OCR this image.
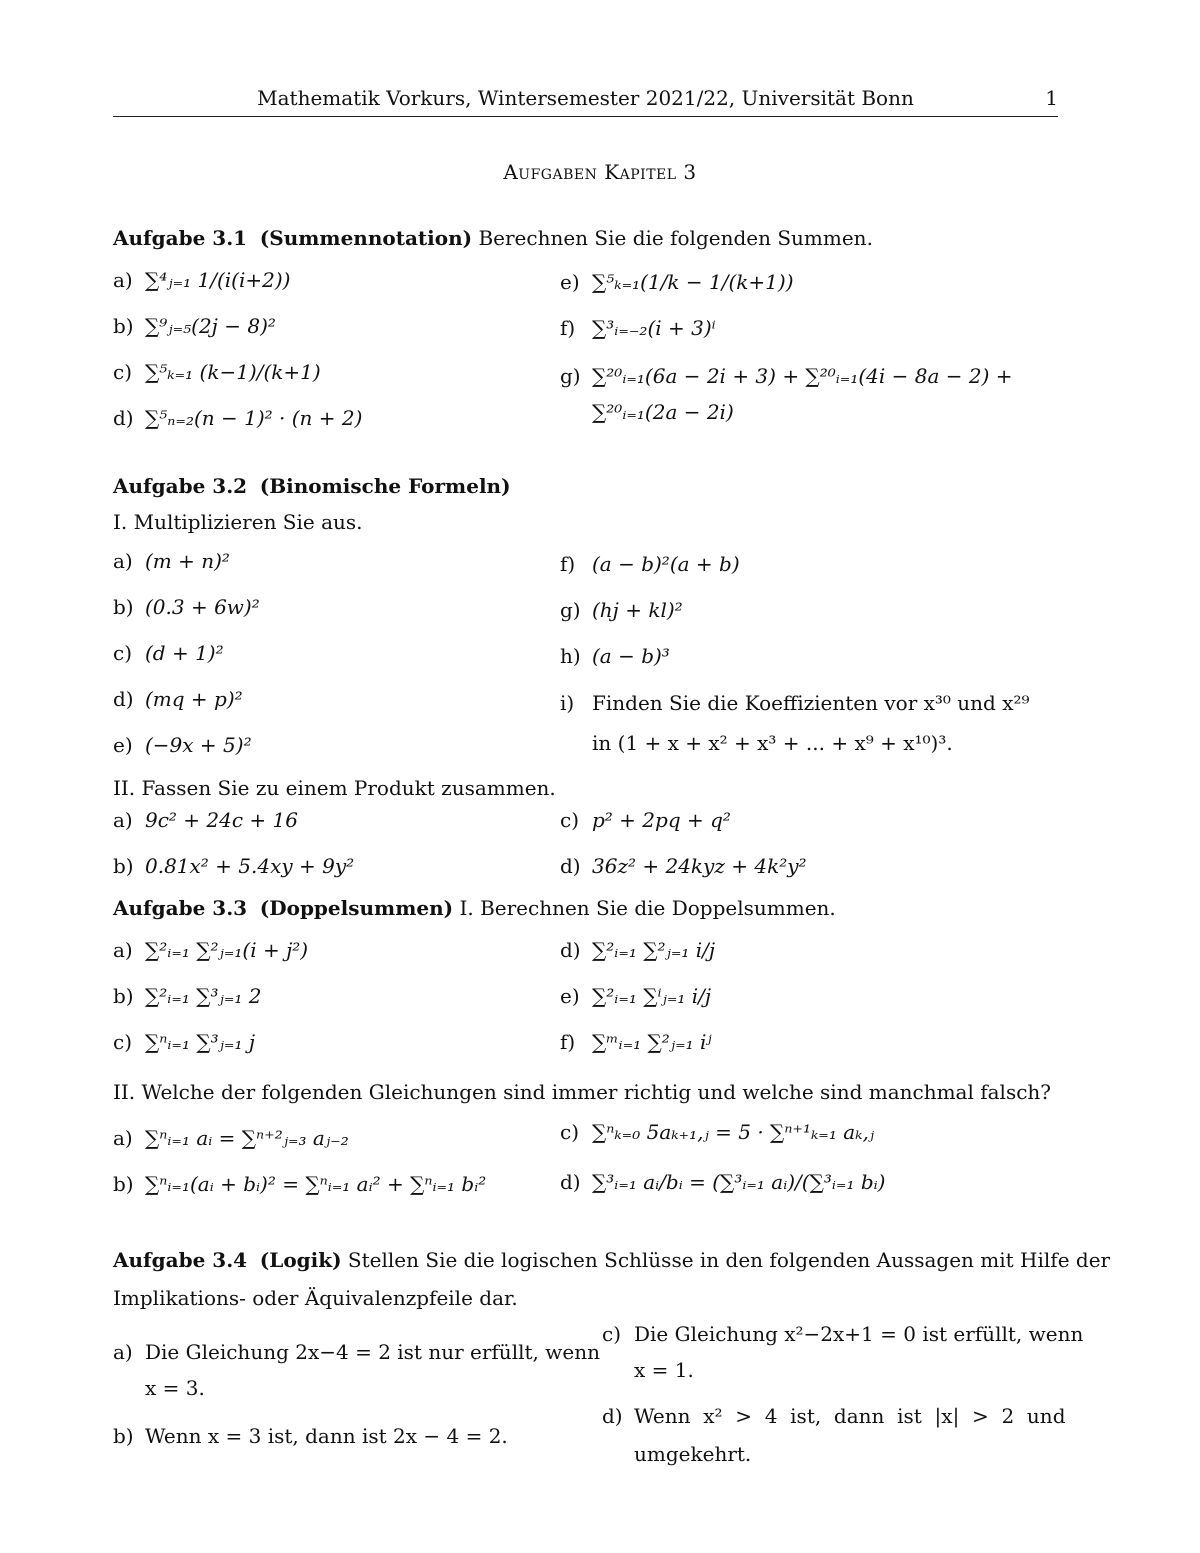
Mathematik Vorkurs, Wintersemester 2021/22, Universität Bonn	1
Aufgaben Kapitel 3
Aufgabe 3.1 (Summennotation) Berechnen Sie die folgenden Summen.
a) ∑⁴ⱼ₌₁ 1/(i(i+2))
b) ∑⁹ⱼ₌₅(2j − 8)²
c) ∑⁵ₖ₌₁ (k−1)/(k+1)
d) ∑⁵ₙ₌₂(n − 1)² · (n + 2)
e) ∑⁵ₖ₌₁(1/k − 1/(k+1))
f) ∑³ᵢ₌₋₂(i + 3)ⁱ
g) ∑²⁰ᵢ₌₁(6a − 2i + 3) + ∑²⁰ᵢ₌₁(4i − 8a − 2) +
∑²⁰ᵢ₌₁(2a − 2i)
Aufgabe 3.2 (Binomische Formeln)
I. Multiplizieren Sie aus.
a) (m + n)²
b) (0.3 + 6w)²
c) (d + 1)²
d) (mq + p)²
e) (−9x + 5)²
f) (a − b)²(a + b)
g) (hj + kl)²
h) (a − b)³
i) Finden Sie die Koeffizienten vor x³⁰ und x²⁹
in (1 + x + x² + x³ + ... + x⁹ + x¹⁰)³.
II. Fassen Sie zu einem Produkt zusammen.
a) 9c² + 24c + 16
b) 0.81x² + 5.4xy + 9y²
c) p² + 2pq + q²
d) 36z² + 24kyz + 4k²y²
Aufgabe 3.3 (Doppelsummen) I. Berechnen Sie die Doppelsummen.
a) ∑²ᵢ₌₁ ∑²ⱼ₌₁(i + j²)
b) ∑²ᵢ₌₁ ∑³ⱼ₌₁ 2
c) ∑ⁿᵢ₌₁ ∑³ⱼ₌₁ j
d) ∑²ᵢ₌₁ ∑²ⱼ₌₁ i/j
e) ∑²ᵢ₌₁ ∑ⁱⱼ₌₁ i/j
f) ∑ᵐᵢ₌₁ ∑²ⱼ₌₁ iʲ
II. Welche der folgenden Gleichungen sind immer richtig und welche sind manchmal falsch?
a) ∑ⁿᵢ₌₁ aᵢ = ∑ⁿ⁺²ⱼ₌₃ aⱼ₋₂
b) ∑ⁿᵢ₌₁(aᵢ + bᵢ)² = ∑ⁿᵢ₌₁ aᵢ² + ∑ⁿᵢ₌₁ bᵢ²
c) ∑ⁿₖ₌₀ 5aₖ₊₁,ⱼ = 5 · ∑ⁿ⁺¹ₖ₌₁ aₖ,ⱼ
d) ∑³ᵢ₌₁ aᵢ/bᵢ = (∑³ᵢ₌₁ aᵢ)/(∑³ᵢ₌₁ bᵢ)
Aufgabe 3.4 (Logik) Stellen Sie die logischen Schlüsse in den folgenden Aussagen mit Hilfe der
Implikations- oder Äquivalenzpfeile dar.
a) Die Gleichung 2x−4 = 2 ist nur erfüllt, wenn
x = 3.
b) Wenn x = 3 ist, dann ist 2x − 4 = 2.
c) Die Gleichung x²−2x+1 = 0 ist erfüllt, wenn
x = 1.
d) Wenn  x²  >  4  ist,  dann  ist  |x|  >  2  und
umgekehrt.
